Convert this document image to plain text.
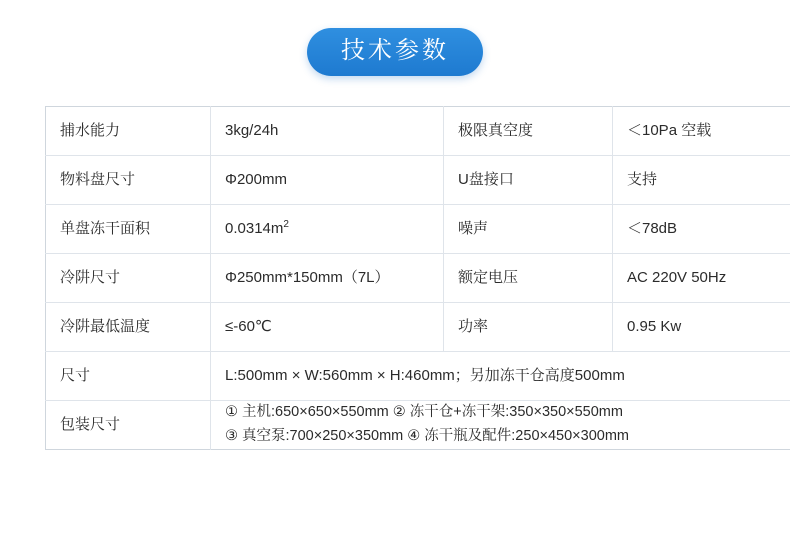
技术参数
捕水能力	3kg/24h	极限真空度	＜10Pa 空载
物料盘尺寸	Φ200mm	U盘接口	支持
单盘冻干面积	$0.0314m^2$	噪声	＜78dB
冷阱尺寸	Φ250mm*150mm（7L）	额定电压	AC 220V 50Hz
冷阱最低温度	≤-60℃	功率	0.95 Kw
尺寸	L:500mm × W:560mm × H:460mm；另加冻干仓高度500mm		
包装尺寸	① 主机:650×650×550mm ② 冻干仓+冻干架:350×350×550mm
③ 真空泵:700×250×350mm ④ 冻干瓶及配件:250×450×300mm		
